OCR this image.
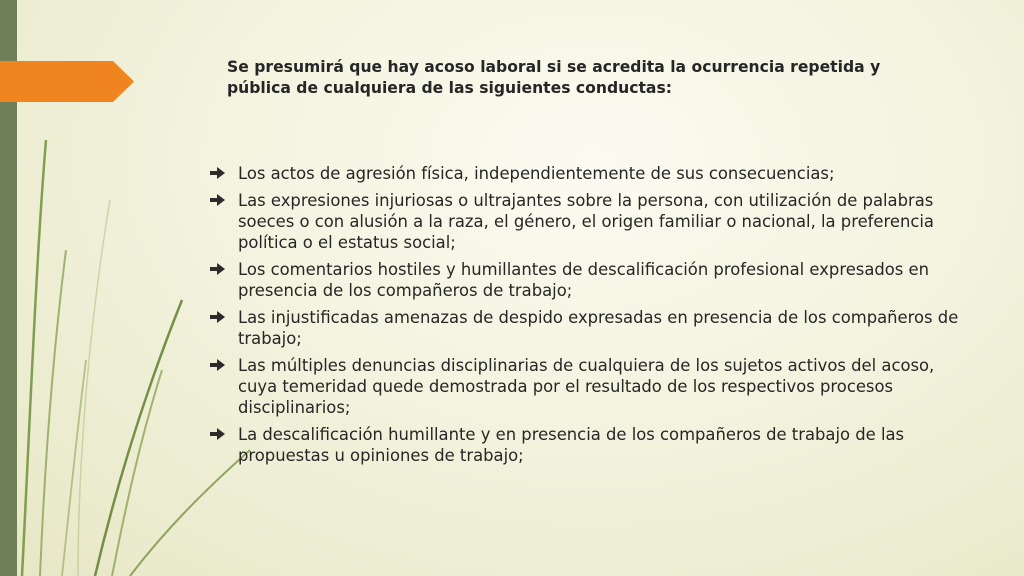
Se presumirá que hay acoso laboral si se acredita la ocurrencia repetida y pública de cualquiera de las siguientes conductas:
Los actos de agresión física, independientemente de sus consecuencias;
Las expresiones injuriosas o ultrajantes sobre la persona, con utilización de palabras soeces o con alusión a la raza, el género, el origen familiar o nacional, la preferencia política o el estatus social;
Los comentarios hostiles y humillantes de descalificación profesional expresados en presencia de los compañeros de trabajo;
Las injustificadas amenazas de despido expresadas en presencia de los compañeros de trabajo;
Las múltiples denuncias disciplinarias de cualquiera de los sujetos activos del acoso, cuya temeridad quede demostrada por el resultado de los respectivos procesos disciplinarios;
La descalificación humillante y en presencia de los compañeros de trabajo de las propuestas u opiniones de trabajo;
